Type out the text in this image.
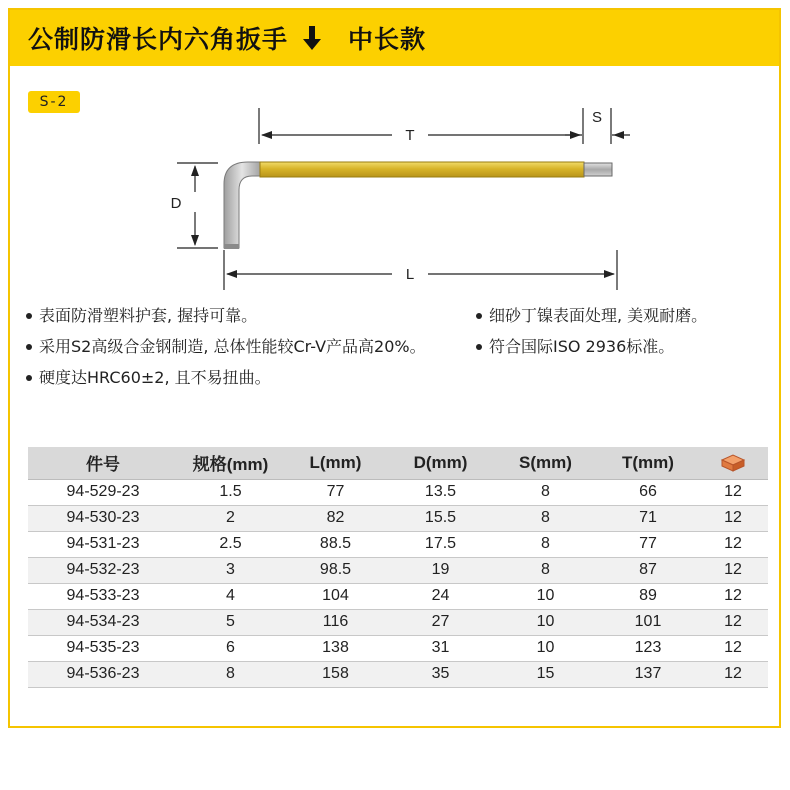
公制防滑长内六角扳手 中长款
S-2
T
S
D
L
表面防滑塑料护套, 握持可靠。
采用S2高级合金钢制造, 总体性能较Cr-V产品高20%。
硬度达HRC60±2, 且不易扭曲。
细砂丁镍表面处理, 美观耐磨。
符合国际ISO 2936标准。
件号	规格(mm)	L(mm)	D(mm)	S(mm)	T(mm)	
94-529-23	1.5	77	13.5	8	66	12
94-530-23	2	82	15.5	8	71	12
94-531-23	2.5	88.5	17.5	8	77	12
94-532-23	3	98.5	19	8	87	12
94-533-23	4	104	24	10	89	12
94-534-23	5	116	27	10	101	12
94-535-23	6	138	31	10	123	12
94-536-23	8	158	35	15	137	12
